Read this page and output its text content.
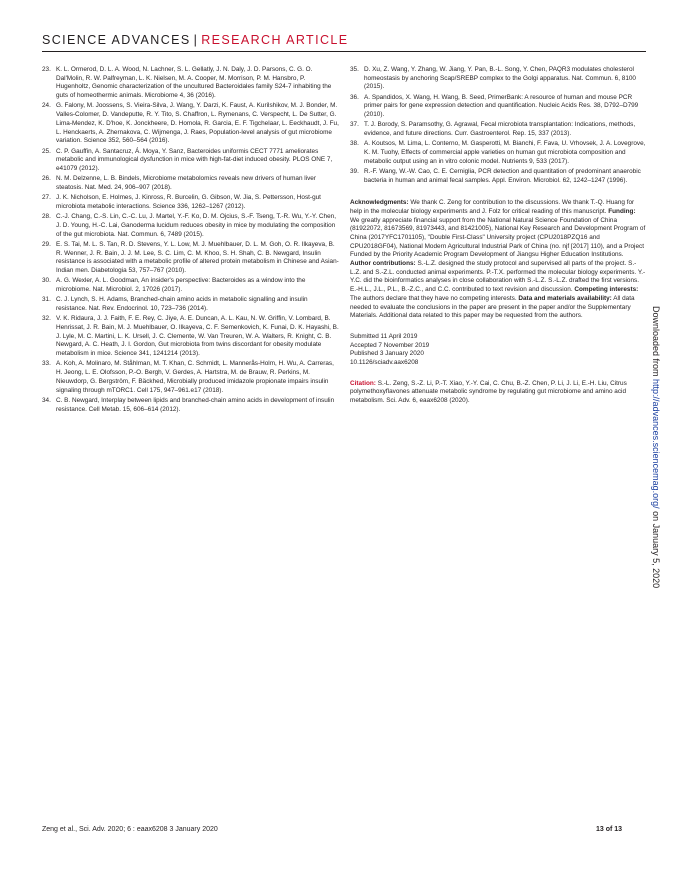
SCIENCE ADVANCES | RESEARCH ARTICLE
23. K. L. Ormerod, D. L. A. Wood, N. Lachner, S. L. Gellatly, J. N. Daly, J. D. Parsons, C. G. O. Dal'Molin, R. W. Palfreyman, L. K. Nielsen, M. A. Cooper, M. Morrison, P. M. Hansbro, P. Hugenholtz, Genomic characterization of the uncultured Bacteroidales family S24-7 inhabiting the guts of homeothermic animals. Microbiome 4, 36 (2016).
24. G. Falony, M. Joossens, S. Vieira-Silva, J. Wang, Y. Darzi, K. Faust, A. Kurilshikov, M. J. Bonder, M. Valles-Colomer, D. Vandeputte, R. Y. Tito, S. Chaffron, L. Rymenans, C. Verspecht, L. De Sutter, G. Lima-Mendez, K. D'hoe, K. Jonckheere, D. Homola, R. Garcia, E. F. Tigchelaar, L. Eeckhaudt, J. Fu, L. Henckaerts, A. Zhernakova, C. Wijmenga, J. Raes, Population-level analysis of gut microbiome variation. Science 352, 560–564 (2016).
25. C. P. Gauffin, A. Santacruz, Á. Moya, Y. Sanz, Bacteroides uniformis CECT 7771 ameliorates metabolic and immunological dysfunction in mice with high-fat-diet induced obesity. PLOS ONE 7, e41079 (2012).
26. N. M. Delzenne, L. B. Bindels, Microbiome metabolomics reveals new drivers of human liver steatosis. Nat. Med. 24, 906–907 (2018).
27. J. K. Nicholson, E. Holmes, J. Kinross, R. Burcelin, G. Gibson, W. Jia, S. Pettersson, Host-gut microbiota metabolic interactions. Science 336, 1262–1267 (2012).
28. C.-J. Chang, C.-S. Lin, C.-C. Lu, J. Martel, Y.-F. Ko, D. M. Ojcius, S.-F. Tseng, T.-R. Wu, Y.-Y. Chen, J. D. Young, H.-C. Lai, Ganoderma lucidum reduces obesity in mice by modulating the composition of the gut microbiota. Nat. Commun. 6, 7489 (2015).
29. E. S. Tai, M. L. S. Tan, R. D. Stevens, Y. L. Low, M. J. Muehlbauer, D. L. M. Goh, O. R. Ilkayeva, B. R. Wenner, J. R. Bain, J. J. M. Lee, S. C. Lim, C. M. Khoo, S. H. Shah, C. B. Newgard, Insulin resistance is associated with a metabolic profile of altered protein metabolism in Chinese and Asian-Indian men. Diabetologia 53, 757–767 (2010).
30. A. G. Wexler, A. L. Goodman, An insider's perspective: Bacteroides as a window into the microbiome. Nat. Microbiol. 2, 17026 (2017).
31. C. J. Lynch, S. H. Adams, Branched-chain amino acids in metabolic signalling and insulin resistance. Nat. Rev. Endocrinol. 10, 723–736 (2014).
32. V. K. Ridaura, J. J. Faith, F. E. Rey, C. Jiye, A. E. Duncan, A. L. Kau, N. W. Griffin, V. Lombard, B. Henrissat, J. R. Bain, M. J. Muehlbauer, O. Ilkayeva, C. F. Semenkovich, K. Funai, D. K. Hayashi, B. J. Lyle, M. C. Martini, L. K. Ursell, J. C. Clemente, W. Van Treuren, W. A. Walters, R. Knight, C. B. Newgard, A. C. Heath, J. I. Gordon, Gut microbiota from twins discordant for obesity modulate metabolism in mice. Science 341, 1241214 (2013).
33. A. Koh, A. Molinaro, M. Ståhlman, M. T. Khan, C. Schmidt, L. Mannerås-Holm, H. Wu, A. Carreras, H. Jeong, L. E. Olofsson, P.-O. Bergh, V. Gerdes, A. Hartstra, M. de Brauw, R. Perkins, M. Nieuwdorp, G. Bergström, F. Bäckhed, Microbially produced imidazole propionate impairs insulin signaling through mTORC1. Cell 175, 947–961.e17 (2018).
34. C. B. Newgard, Interplay between lipids and branched-chain amino acids in development of insulin resistance. Cell Metab. 15, 606–614 (2012).
35. D. Xu, Z. Wang, Y. Zhang, W. Jiang, Y. Pan, B.-L. Song, Y. Chen, PAQR3 modulates cholesterol homeostasis by anchoring Scap/SREBP complex to the Golgi apparatus. Nat. Commun. 6, 8100 (2015).
36. A. Spandidos, X. Wang, H. Wang, B. Seed, PrimerBank: A resource of human and mouse PCR primer pairs for gene expression detection and quantification. Nucleic Acids Res. 38, D792–D799 (2010).
37. T. J. Borody, S. Paramsothy, G. Agrawal, Fecal microbiota transplantation: Indications, methods, evidence, and future directions. Curr. Gastroenterol. Rep. 15, 337 (2013).
38. A. Koutsos, M. Lima, L. Conterno, M. Gasperotti, M. Bianchi, F. Fava, U. Vrhovsek, J. A. Lovegrove, K. M. Tuohy, Effects of commercial apple varieties on human gut microbiota composition and metabolic output using an in vitro colonic model. Nutrients 9, 533 (2017).
39. R.-F. Wang, W.-W. Cao, C. E. Cerniglia, PCR detection and quantitation of predominant anaerobic bacteria in human and animal fecal samples. Appl. Environ. Microbiol. 62, 1242–1247 (1996).
Acknowledgments: We thank C. Zeng for contribution to the discussions. We thank T.-Q. Huang for help in the molecular biology experiments and J. Folz for critical reading of this manuscript. Funding: We greatly appreciate financial support from the National Natural Science Foundation of China (81922072, 81673569, 81973443, and 81421005), National Key Research and Development Program of China (2017YFC1701105), "Double First-Class" University project (CPU2018PZQ16 and CPU2018GF04), National Modern Agricultural Industrial Park of China (no. njf [2017] 110), and a Project Funded by the Priority Academic Program Development of Jiangsu Higher Education Institutions. Author contributions: S.-L.Z. designed the study protocol and supervised all parts of the project. S.-L.Z. and S.-Z.L. conducted animal experiments. P.-T.X. performed the molecular biology experiments. Y.-Y.C. did the bioinformatics analyses in close collaboration with S.-L.Z. S.-L.Z. drafted the first versions. E.-H.L., J.L., P.L., B.-Z.C., and C.C. contributed to text revision and discussion. Competing interests: The authors declare that they have no competing interests. Data and materials availability: All data needed to evaluate the conclusions in the paper are present in the paper and/or the Supplementary Materials. Additional data related to this paper may be requested from the authors.

Submitted 11 April 2019

Accepted 7 November 2019

Published 3 January 2020

10.1126/sciadv.aax6208

Citation: S.-L. Zeng, S.-Z. Li, P.-T. Xiao, Y.-Y. Cai, C. Chu, B.-Z. Chen, P. Li, J. Li, E.-H. Liu, Citrus polymethoxyflavones attenuate metabolic syndrome by regulating gut microbiome and amino acid metabolism. Sci. Adv. 6, eaax6208 (2020).
Zeng et al., Sci. Adv. 2020; 6 : eaax6208 3 January 2020	13 of 13
Downloaded from http://advances.sciencemag.org/ on January 5, 2020
